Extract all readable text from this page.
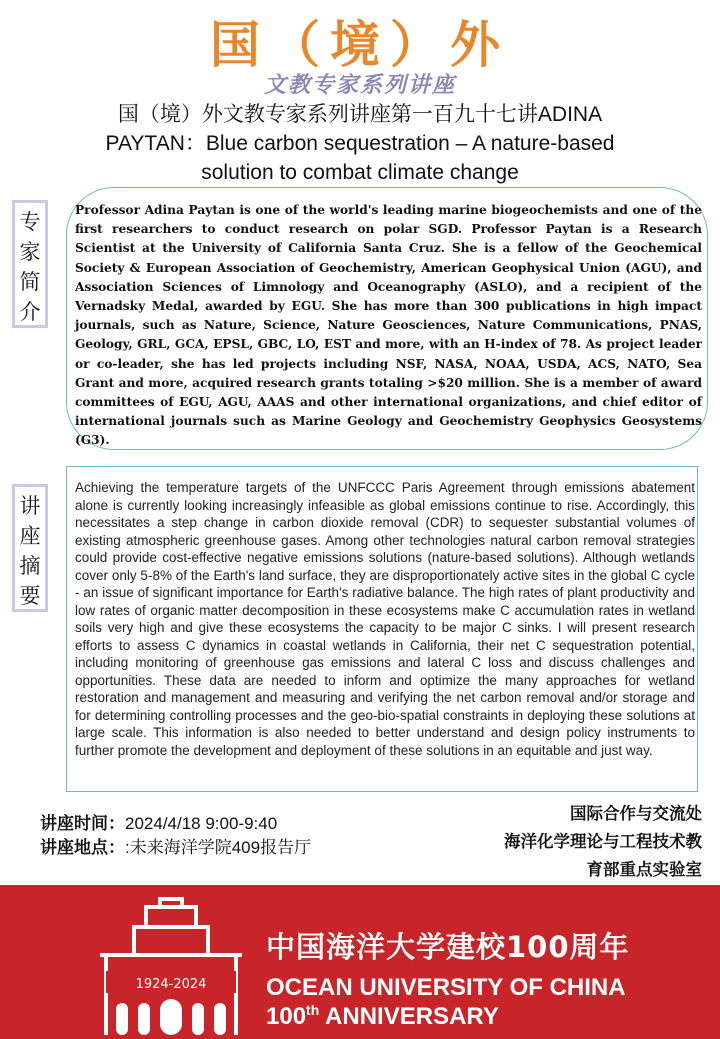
国（境）外
文教专家系列讲座
国（境）外文教专家系列讲座第一百九十七讲ADINA
PAYTAN：Blue carbon sequestration – A nature-based
solution to combat climate change
专
家
简
介
Professor Adina Paytan is one of the world's leading marine biogeochemists and one of the first researchers to conduct research on polar SGD. Professor Paytan is a Research Scientist at the University of California Santa Cruz. She is a fellow of the Geochemical Society & European Association of Geochemistry, American Geophysical Union (AGU), and Association Sciences of Limnology and Oceanography (ASLO), and a recipient of the Vernadsky Medal, awarded by EGU. She has more than 300 publications in high impact journals, such as Nature, Science, Nature Geosciences, Nature Communications, PNAS, Geology, GRL, GCA, EPSL, GBC, LO, EST and more, with an H-index of 78. As project leader or co-leader, she has led projects including NSF, NASA, NOAA, USDA, ACS, NATO, Sea Grant and more, acquired research grants totaling >$20 million. She is a member of award committees of EGU, AGU, AAAS and other international organizations, and chief editor of international journals such as Marine Geology and Geochemistry Geophysics Geosystems (G3).
讲
座
摘
要
Achieving the temperature targets of the UNFCCC Paris Agreement through emissions abatement alone is currently looking increasingly infeasible as global emissions continue to rise. Accordingly, this necessitates a step change in carbon dioxide removal (CDR) to sequester substantial volumes of existing atmospheric greenhouse gases. Among other technologies natural carbon removal strategies could provide cost-effective negative emissions solutions (nature-based solutions). Although wetlands cover only 5-8% of the Earth's land surface, they are disproportionately active sites in the global C cycle - an issue of significant importance for Earth's radiative balance. The high rates of plant productivity and low rates of organic matter decomposition in these ecosystems make C accumulation rates in wetland soils very high and give these ecosystems the capacity to be major C sinks. I will present research efforts to assess C dynamics in coastal wetlands in California, their net C sequestration potential, including monitoring of greenhouse gas emissions and lateral C loss and discuss challenges and opportunities. These data are needed to inform and optimize the many approaches for wetland restoration and management and measuring and verifying the net carbon removal and/or storage and for determining controlling processes and the geo-bio-spatial constraints in deploying these solutions at large scale. This information is also needed to better understand and design policy instruments to further promote the development and deployment of these solutions in an equitable and just way.
讲座时间：2024/4/18 9:00-9:40
讲座地点：:未来海洋学院409报告厅
国际合作与交流处
海洋化学理论与工程技术教
育部重点实验室
1924-2024
中国海洋大学建校100周年
OCEAN UNIVERSITY OF CHINA
100th ANNIVERSARY
